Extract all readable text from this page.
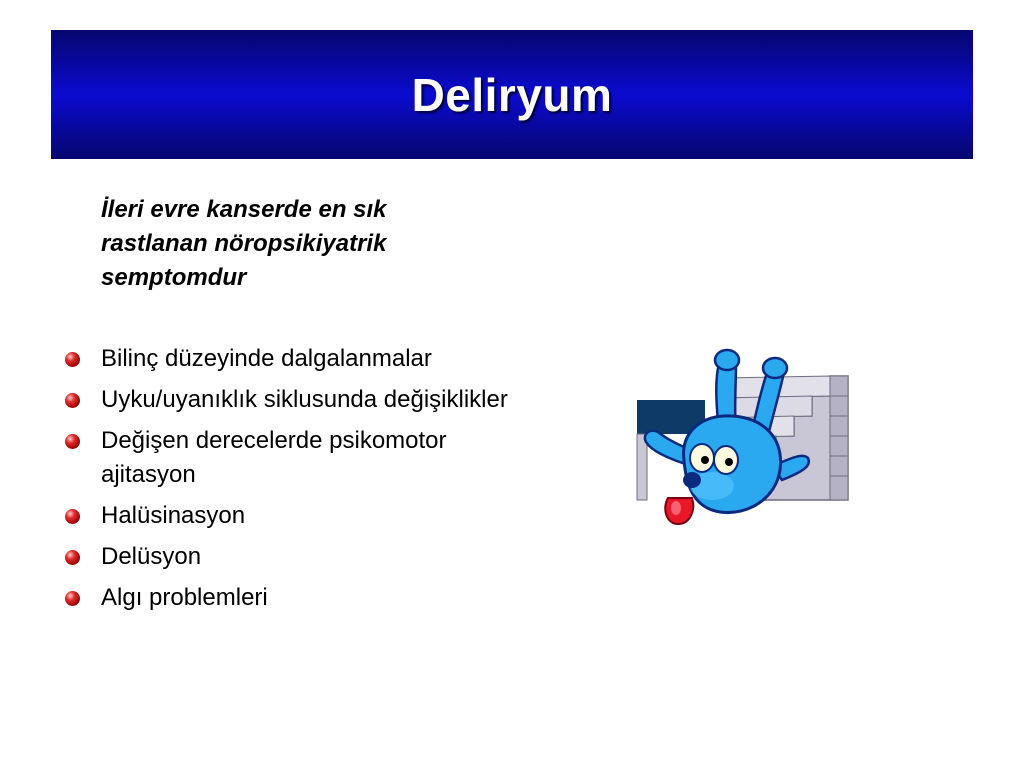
Deliryum
İleri evre kanserde en sık
rastlanan nöropsikiyatrik
semptomdur
Bilinç düzeyinde dalgalanmalar
Uyku/uyanıklık siklusunda değişiklikler
Değişen derecelerde psikomotor ajitasyon
Halüsinasyon
Delüsyon
Algı problemleri
